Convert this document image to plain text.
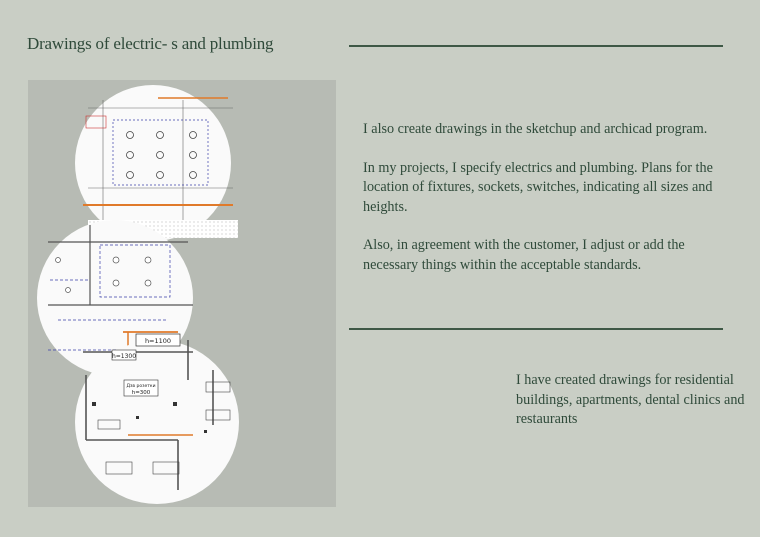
Drawings of electric- s and plumbing
h=1100
h=1300
Дзв розетки
h=300

I also create drawings in the sketchup and archicad program.

In my projects, I specify electrics and plumbing. Plans for the location of fixtures, sockets, switches, indicating all sizes and heights.

Also, in agreement with the customer, I adjust or add the necessary things within the acceptable standards.

I have created drawings for residential buildings, apartments, dental clinics and restaurants
